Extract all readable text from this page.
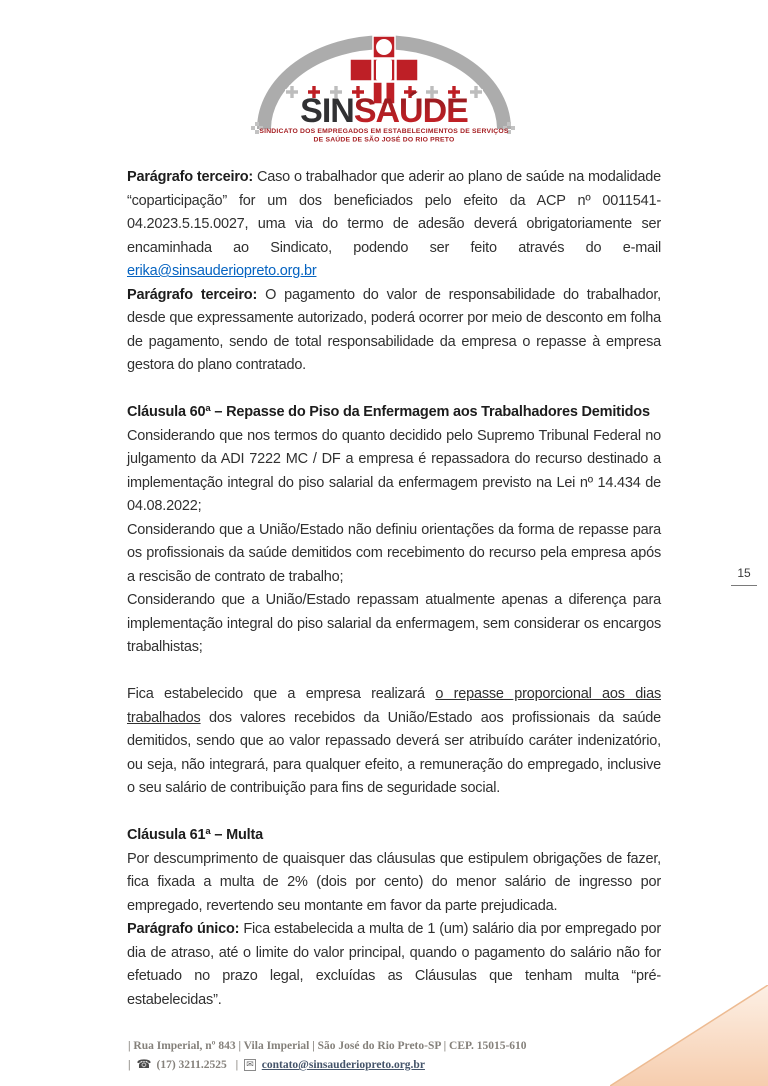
SINSAÚDE
SINDICATO DOS EMPREGADOS EM ESTABELECIMENTOS DE SERVIÇOS
DE SAÚDE DE SÃO JOSÉ DO RIO PRETO
15

Parágrafo terceiro: Caso o trabalhador que aderir ao plano de saúde na modalidade “coparticipação” for um dos beneficiados pelo efeito da ACP nº 0011541-04.2023.5.15.0027, uma via do termo de adesão deverá obrigatoriamente ser encaminhada ao Sindicato, podendo ser feito através do e-mail erika@sinsauderiopreto.org.br

Parágrafo terceiro: O pagamento do valor de responsabilidade do trabalhador, desde que expressamente autorizado, poderá ocorrer por meio de desconto em folha de pagamento, sendo de total responsabilidade da empresa o repasse à empresa gestora do plano contratado.

Cláusula 60ª – Repasse do Piso da Enfermagem aos Trabalhadores Demitidos

Considerando que nos termos do quanto decidido pelo Supremo Tribunal Federal no julgamento da ADI 7222 MC / DF a empresa é repassadora do recurso destinado a implementação integral do piso salarial da enfermagem previsto na Lei nº 14.434 de 04.08.2022;

Considerando que a União/Estado não definiu orientações da forma de repasse para os profissionais da saúde demitidos com recebimento do recurso pela empresa após a rescisão de contrato de trabalho;

Considerando que a União/Estado repassam atualmente apenas a diferença para implementação integral do piso salarial da enfermagem, sem considerar os encargos trabalhistas;

Fica estabelecido que a empresa realizará o repasse proporcional aos dias trabalhados dos valores recebidos da União/Estado aos profissionais da saúde demitidos, sendo que ao valor repassado deverá ser atribuído caráter indenizatório, ou seja, não integrará, para qualquer efeito, a remuneração do empregado, inclusive o seu salário de contribuição para fins de seguridade social.

Cláusula 61ª – Multa

Por descumprimento de quaisquer das cláusulas que estipulem obrigações de fazer, fica fixada a multa de 2% (dois por cento) do menor salário de ingresso por empregado, revertendo seu montante em favor da parte prejudicada.

Parágrafo único: Fica estabelecida a multa de 1 (um) salário dia por empregado por dia de atraso, até o limite do valor principal, quando o pagamento do salário não for efetuado no prazo legal, excluídas as Cláusulas que tenham multa “pré-estabelecidas”.

| Rua Imperial, nº 843 | Vila Imperial | São José do Rio Preto-SP | CEP. 15015-610
| ☎ (17) 3211.2525 | ✉ contato@sinsauderiopreto.org.br
